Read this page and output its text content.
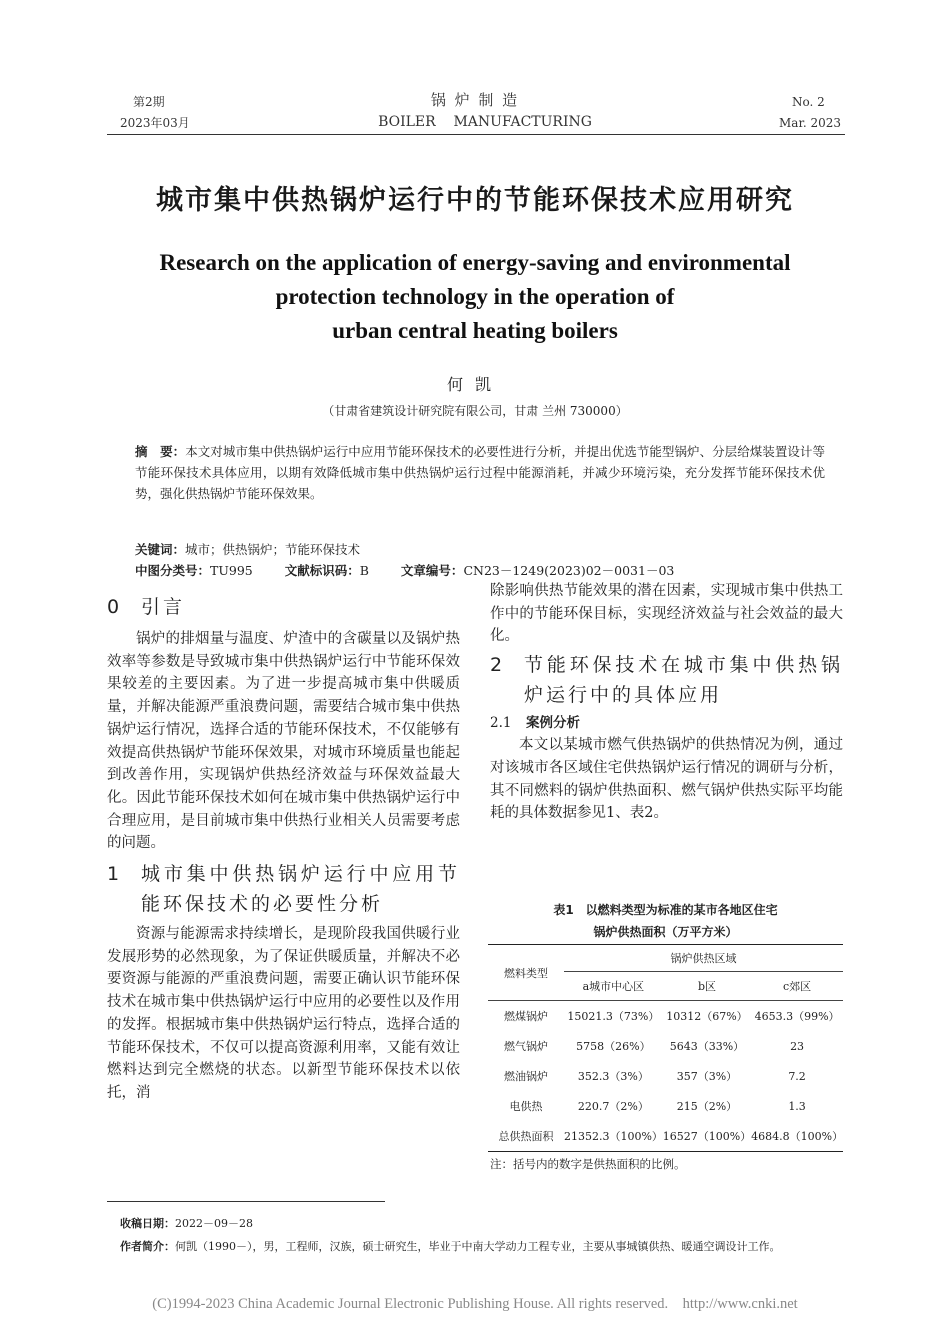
第2期
2023年03月
锅 炉 制 造
BOILER    MANUFACTURING
No. 2
Mar. 2023
城市集中供热锅炉运行中的节能环保技术应用研究
Research on the application of energy-saving and environmental
protection technology in the operation of
urban central heating boilers
何凯
（甘肃省建筑设计研究院有限公司，甘肃 兰州 730000）
摘　要：本文对城市集中供热锅炉运行中应用节能环保技术的必要性进行分析，并提出优选节能型锅炉、分层给煤装置设计等节能环保技术具体应用，以期有效降低城市集中供热锅炉运行过程中能源消耗，并减少环境污染，充分发挥节能环保技术优势，强化供热锅炉节能环保效果。
关键词：城市；供热锅炉；节能环保技术
中图分类号：TU995	文献标识码：B	文章编号：CN23－1249(2023)02－0031－03
0 引言

锅炉的排烟量与温度、炉渣中的含碳量以及锅炉热效率等参数是导致城市集中供热锅炉运行中节能环保效果较差的主要因素。为了进一步提高城市集中供暖质量，并解决能源严重浪费问题，需要结合城市集中供热锅炉运行情况，选择合适的节能环保技术，不仅能够有效提高供热锅炉节能环保效果，对城市环境质量也能起到改善作用，实现锅炉供热经济效益与环保效益最大化。因此节能环保技术如何在城市集中供热锅炉运行中合理应用，是目前城市集中供热行业相关人员需要考虑的问题。

1	城市集中供热锅炉运行中应用节能环保技术的必要性分析

资源与能源需求持续增长，是现阶段我国供暖行业发展形势的必然现象，为了保证供暖质量，并解决不必要资源与能源的严重浪费问题，需要正确认识节能环保技术在城市集中供热锅炉运行中应用的必要性以及作用的发挥。根据城市集中供热锅炉运行特点，选择合适的节能环保技术，不仅可以提高资源利用率，又能有效让燃料达到完全燃烧的状态。以新型节能环保技术以依托，消

除影响供热节能效果的潜在因素，实现城市集中供热工作中的节能环保目标，实现经济效益与社会效益的最大化。

2	节能环保技术在城市集中供热锅炉运行中的具体应用
2.1 案例分析

本文以某城市燃气供热锅炉的供热情况为例，通过对该城市各区域住宅供热锅炉运行情况的调研与分析，其不同燃料的锅炉供热面积、燃气锅炉供热实际平均能耗的具体数据参见1、表2。

表1　以燃料类型为标准的某市各地区住宅
锅炉供热面积（万平方米）
燃料类型	锅炉供热区域		
	a城市中心区	b区	c郊区
燃煤锅炉	15021.3（73%）	10312（67%）	4653.3（99%）
燃气锅炉	5758（26%）	5643（33%）	23
燃油锅炉	352.3（3%）	357（3%）	7.2
电供热	220.7（2%）	215（2%）	1.3
总供热面积	21352.3（100%）	16527（100%）	4684.8（100%）
注：括号内的数字是供热面积的比例。
收稿日期：2022－09－28
作者简介：何凯（1990－），男，工程师，汉族，硕士研究生，毕业于中南大学动力工程专业，主要从事城镇供热、暖通空调设计工作。
(C)1994-2023 China Academic Journal Electronic Publishing House. All rights reserved.    http://www.cnki.net
